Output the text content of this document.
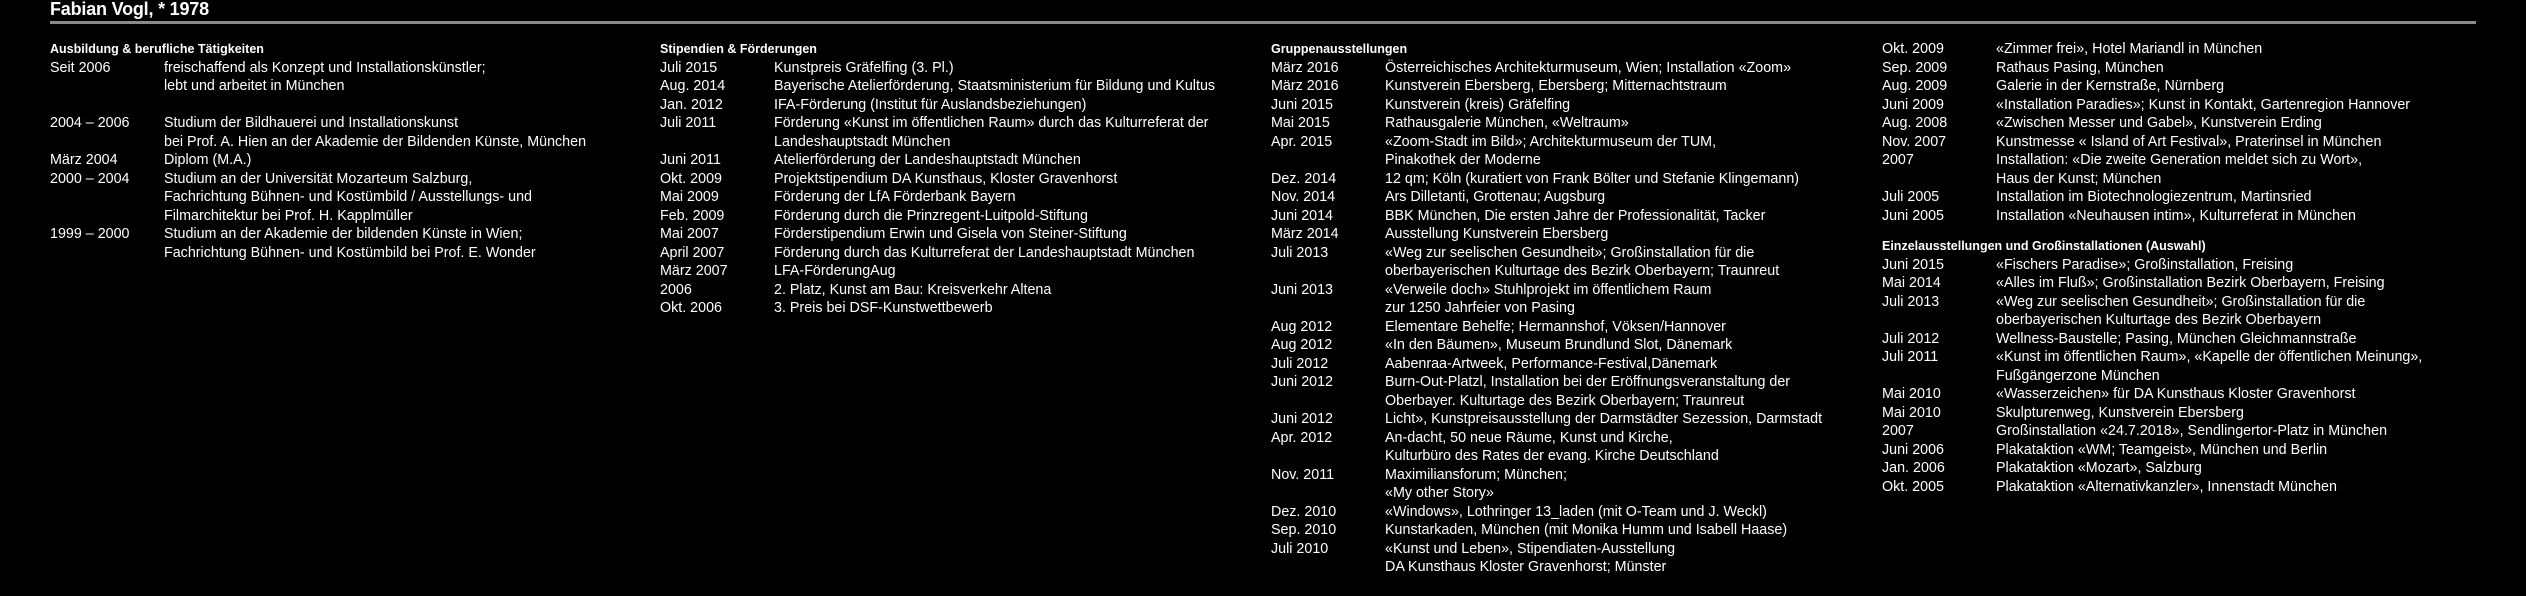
Fabian Vogl, * 1978
Ausbildung & berufliche Tätigkeiten
Seit 2006	freischaffend als Konzept und Installationskünstler;
lebt und arbeitet in München
2004 – 2006	Studium der Bildhauerei und Installationskunst
bei Prof. A. Hien an der Akademie der Bildenden Künste, München
März 2004	Diplom (M.A.)
2000 – 2004	Studium an der Universität Mozarteum Salzburg,
Fachrichtung Bühnen- und Kostümbild / Ausstellungs- und
Filmarchitektur bei Prof. H. Kapplmüller
1999 – 2000	Studium an der Akademie der bildenden Künste in Wien;
Fachrichtung Bühnen- und Kostümbild bei Prof. E. Wonder
Stipendien & Förderungen
Juli 2015	Kunstpreis Gräfelfing (3. Pl.)
Aug. 2014	Bayerische Atelierförderung, Staatsministerium für Bildung und Kultus
Jan. 2012	IFA-Förderung (Institut für Auslandsbeziehungen)
Juli 2011	Förderung «Kunst im öffentlichen Raum» durch das Kulturreferat der
Landeshauptstadt München
Juni 2011	Atelierförderung der Landeshauptstadt München
Okt. 2009	Projektstipendium DA Kunsthaus, Kloster Gravenhorst
Mai 2009	Förderung der LfA Förderbank Bayern
Feb. 2009	Förderung durch die Prinzregent-Luitpold-Stiftung
Mai 2007	Förderstipendium Erwin und Gisela von Steiner-Stiftung
April 2007	Förderung durch das Kulturreferat der Landeshauptstadt München
März 2007	LFA-FörderungAug
2006	2. Platz, Kunst am Bau: Kreisverkehr Altena
Okt. 2006	3. Preis bei DSF-Kunstwettbewerb
Gruppenausstellungen
März 2016	Österreichisches Architekturmuseum, Wien; Installation «Zoom»
März 2016	Kunstverein Ebersberg, Ebersberg; Mitternachtstraum
Juni 2015	Kunstverein (kreis) Gräfelfing
Mai 2015	Rathausgalerie München, «Weltraum»
Apr. 2015	«Zoom-Stadt im Bild»; Architekturmuseum der TUM,
Pinakothek der Moderne
Dez. 2014	12 qm; Köln (kuratiert von Frank Bölter und Stefanie Klingemann)
Nov. 2014	Ars Dilletanti, Grottenau; Augsburg
Juni 2014	BBK München, Die ersten Jahre der Professionalität, Tacker
März 2014	Ausstellung Kunstverein Ebersberg
Juli 2013	«Weg zur seelischen Gesundheit»; Großinstallation für die
oberbayerischen Kulturtage des Bezirk Oberbayern; Traunreut
Juni 2013	«Verweile doch» Stuhlprojekt im öffentlichem Raum
zur 1250 Jahrfeier von Pasing
Aug 2012	Elementare Behelfe; Hermannshof, Vöksen/Hannover
Aug 2012	«In den Bäumen», Museum Brundlund Slot, Dänemark
Juli 2012	Aabenraa-Artweek, Performance-Festival,Dänemark
Juni 2012	Burn-Out-Platzl, Installation bei der Eröffnungsveranstaltung der
Oberbayer. Kulturtage des Bezirk Oberbayern; Traunreut
Juni 2012	Licht», Kunstpreisausstellung der Darmstädter Sezession, Darmstadt
Apr. 2012	An-dacht, 50 neue Räume, Kunst und Kirche,
Kulturbüro des Rates der evang. Kirche Deutschland
Nov. 2011	Maximiliansforum; München;
«My other Story»
Dez. 2010	«Windows», Lothringer 13_laden (mit O-Team und J. Weckl)
Sep. 2010	Kunstarkaden, München (mit Monika Humm und Isabell Haase)
Juli 2010	«Kunst und Leben», Stipendiaten-Ausstellung
DA Kunsthaus Kloster Gravenhorst; Münster
Okt. 2009	«Zimmer frei», Hotel Mariandl in München
Sep. 2009	Rathaus Pasing, München
Aug. 2009	Galerie in der Kernstraße, Nürnberg
Juni 2009	«Installation Paradies»; Kunst in Kontakt, Gartenregion Hannover
Aug. 2008	«Zwischen Messer und Gabel», Kunstverein Erding
Nov. 2007	Kunstmesse « Island of Art Festival», Praterinsel in München
2007	Installation: «Die zweite Generation meldet sich zu Wort»,
Haus der Kunst; München
Juli 2005	Installation im Biotechnologiezentrum, Martinsried
Juni 2005	Installation «Neuhausen intim», Kulturreferat in München
Einzelausstellungen und Großinstallationen (Auswahl)
Juni 2015	«Fischers Paradise»; Großinstallation, Freising
Mai 2014	«Alles im Fluß»; Großinstallation Bezirk Oberbayern, Freising
Juli 2013	«Weg zur seelischen Gesundheit»; Großinstallation für die
oberbayerischen Kulturtage des Bezirk Oberbayern
Juli 2012	Wellness-Baustelle; Pasing, München Gleichmannstraße
Juli 2011	«Kunst im öffentlichen Raum», «Kapelle der öffentlichen Meinung»,
Fußgängerzone München
Mai 2010	«Wasserzeichen» für DA Kunsthaus Kloster Gravenhorst
Mai 2010	Skulpturenweg, Kunstverein Ebersberg
2007	Großinstallation «24.7.2018», Sendlingertor-Platz in München
Juni 2006	Plakataktion «WM; Teamgeist», München und Berlin
Jan. 2006	Plakataktion «Mozart», Salzburg
Okt. 2005	Plakataktion «Alternativkanzler», Innenstadt München
